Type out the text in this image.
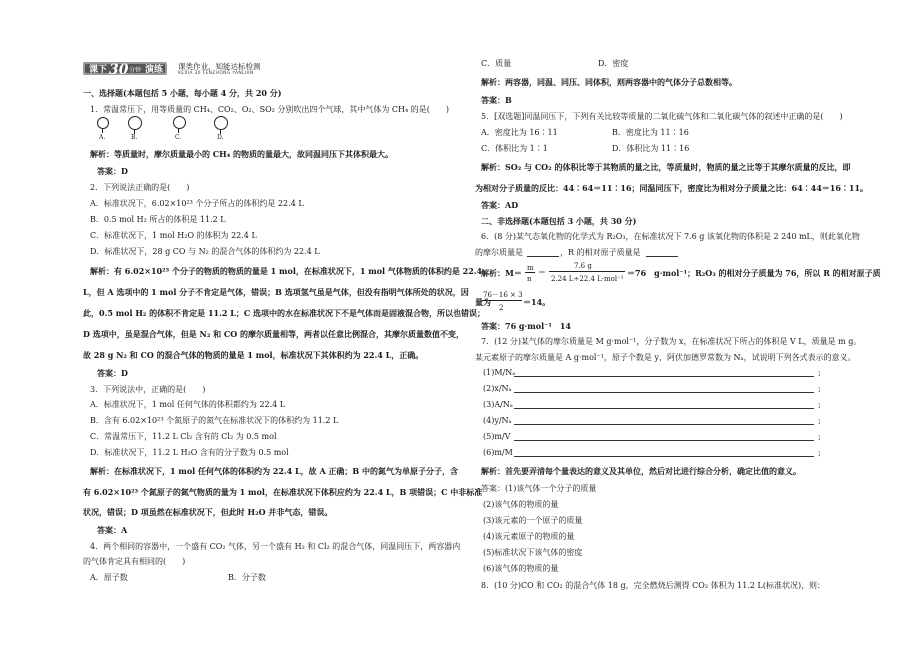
课下 30 分钟 演练 课类作业，知能达标检测
KEXIA 30 FENZHONG YANLIAN
一、选择题(本题包括 5 小题，每小题 4 分，共 20 分)
1．常温常压下，用等质量的 CH₄、CO₂、O₂、SO₂ 分别吹出四个气球，其中气体为 CH₄ 的是(　　)
A.	B.	C.	D.
解析：等质量时，摩尔质量最小的 CH₄ 的物质的量最大，故同温同压下其体积最大。
答案：D
2．下列说法正确的是(　　)
A．标准状况下，6.02×10²³ 个分子所占的体积约是 22.4 L
B．0.5 mol H₂ 所占的体积是 11.2 L
C．标准状况下，1 mol H₂O 的体积为 22.4 L
D．标准状况下，28 g CO 与 N₂ 的混合气体的体积约为 22.4 L
解析：有 6.02×10²³ 个分子的物质的物质的量是 1 mol，在标准状况下，1 mol 气体物质的体积约是 22.4
L，但 A 选项中的 1 mol 分子不肯定是气体，错误；B 选项氢气虽是气体，但没有指明气体所处的状况，因
此，0.5 mol H₂ 的体积不肯定是 11.2 L；C 选项中的水在标准状况下不是气体而是固液混合物，所以也错误；
D 选项中，虽是混合气体，但是 N₂ 和 CO 的摩尔质量相等，两者以任意比例混合，其摩尔质量数值不变，
故 28 g N₂ 和 CO 的混合气体的物质的量是 1 mol，标准状况下其体积约为 22.4 L，正确。
答案：D
3．下列说法中，正确的是(　　)
A．标准状况下，1 mol 任何气体的体积都约为 22.4 L
B．含有 6.02×10²³ 个氮原子的氮气在标准状况下的体积约为 11.2 L
C．常温常压下，11.2 L Cl₂ 含有的 Cl₂ 为 0.5 mol
D．标准状况下，11.2 L H₂O 含有的分子数为 0.5 mol
解析：在标准状况下，1 mol 任何气体的体积约为 22.4 L，故 A 正确；B 中的氮气为单原子分子，含
有 6.02×10²³ 个氮原子的氮气物质的量为 1 mol，在标准状况下体积应约为 22.4 L，B 项错误；C 中非标准
状况，错误；D 项虽然在标准状况下，但此时 H₂O 并非气态，错误。
答案：A
4．两个相同的容器中，一个盛有 CO₂ 气体，另一个盛有 H₂ 和 Cl₂ 的混合气体，同温同压下，两容器内
的气体肯定具有相同的(　　)
A．原子数	B．分子数
C．质量	D．密度
解析：两容器，同温、同压、同体积，则两容器中的气体分子总数相等。
答案：B
5．[双选题]同温同压下，下列有关比较等质量的二氧化硫气体和二氧化碳气体的叙述中正确的是(　　)
A．密度比为 16∶11	B．密度比为 11∶16
C．体积比为 1∶1	D．体积比为 11∶16
解析：SO₂ 与 CO₂ 的体积比等于其物质的量之比，等质量时，物质的量之比等于其摩尔质量的反比，即
为相对分子质量的反比：44∶64＝11∶16；同温同压下，密度比为相对分子质量之比：64∶44＝16∶11。
答案：AD
二、非选择题(本题包括 3 小题，共 30 分)
6．(8 分)某气态氧化物的化学式为 R₂O₃，在标准状况下 7.6 g 该氧化物的体积是 2 240 mL，则此氧化物
的摩尔质量是	，R 的相对原子质量是
解析：M＝ m
n
＝
7.6 g
2.24 L÷22.4 L·mol⁻¹
＝76　g·mol⁻¹；R₂O₃ 的相对分子质量为 76，所以 R 的相对原子质
量为
76－16 × 3
2
＝14。
答案：76 g·mol⁻¹　14
7．(12 分)某气体的摩尔质量是 M g·mol⁻¹，分子数为 x，在标准状况下所占的体积是 V L，质量是 m g。
某元素原子的摩尔质量是 A g·mol⁻¹，原子个数是 y，阿伏加德罗常数为 Nₐ，试说明下列各式表示的意义。
(1)M/Nₐ	;
(2)x/Nₐ	;
(3)A/Nₐ	;
(4)y/Nₐ	;
(5)m/V	;
(6)m/M	;
解析：首先要弄清每个量表达的意义及其单位，然后对比进行综合分析，确定比值的意义。
答案：(1)该气体一个分子的质量
(2)该气体的物质的量
(3)该元素的一个原子的质量
(4)该元素原子的物质的量
(5)标准状况下该气体的密度
(6)该气体的物质的量
8．(10 分)CO 和 CO₂ 的混合气体 18 g，完全燃烧后测得 CO₂ 体积为 11.2 L(标准状况)，则：
